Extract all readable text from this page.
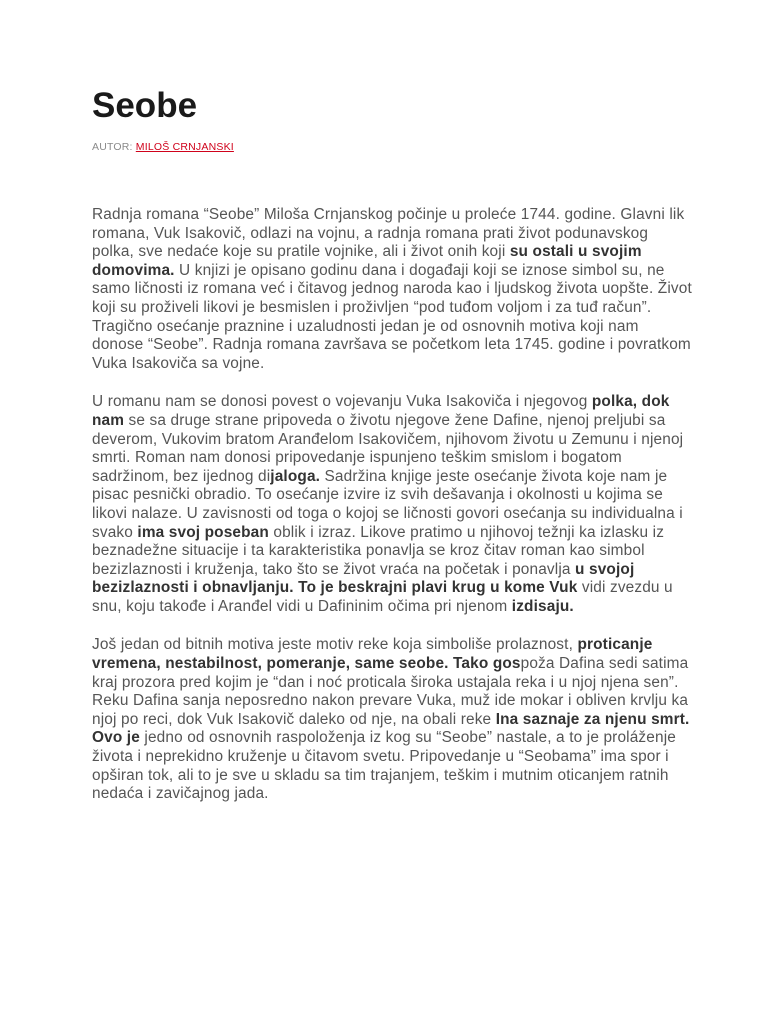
Seobe
AUTOR: MILOŠ CRNJANSKI

Radnja romana “Seobe” Miloša Crnjanskog počinje u proleće 1744. godine. Glavni lik romana, Vuk Isakovič, odlazi na vojnu, a radnja romana prati život podunavskog polka, sve nedaće koje su pratile vojnike, ali i život onih koji su ostali u svojim domovima. U knjizi je opisano godinu dana i događaji koji se iznose simbol su, ne samo ličnosti iz romana već i čitavog jednog naroda kao i ljudskog života uopšte. Život koji su proživeli likovi je besmislen i proživljen “pod tuđom voljom i za tuđ račun”. Tragično osećanje praznine i uzaludnosti jedan je od osnovnih motiva koji nam donose “Seobe”. Radnja romana završava se početkom leta 1745. godine i povratkom Vuka Isakoviča sa vojne.

U romanu nam se donosi povest o vojevanju Vuka Isakoviča i njegovog polka, dok nam se sa druge strane pripoveda o životu njegove žene Dafine, njenoj preljubi sa deverom, Vukovim bratom Aranđelom Isakovičem, njihovom životu u Zemunu i njenoj smrti. Roman nam donosi pripovedanje ispunjeno teškim smislom i bogatom sadržinom, bez ijednog dijaloga. Sadržina knjige jeste osećanje života koje nam je pisac pesnički obradio. To osećanje izvire iz svih dešavanja i okolnosti u kojima se likovi nalaze. U zavisnosti od toga o kojoj se ličnosti govori osećanja su individualna i svako ima svoj poseban oblik i izraz. Likove pratimo u njihovoj težnji ka izlasku iz beznadežne situacije i ta karakteristika ponavlja se kroz čitav roman kao simbol bezizlaznosti i kruženja, tako što se život vraća na početak i ponavlja u svojoj bezizlaznosti i obnavljanju. To je beskrajni plavi krug u kome Vuk vidi zvezdu u snu, koju takođe i Aranđel vidi u Dafininim očima pri njenom izdisaju.

Još jedan od bitnih motiva jeste motiv reke koja simboliše prolaznost, proticanje vremena, nestabilnost, pomeranje, same seobe. Tako gospoža Dafina sedi satima kraj prozora pred kojim je “dan i noć proticala široka ustajala reka i u njoj njena sen”. Reku Dafina sanja neposredno nakon prevare Vuka, muž ide mokar i obliven krvlju ka njoj po reci, dok Vuk Isakovič daleko od nje, na obali reke Ina saznaje za njenu smrt. Ovo je jedno od osnovnih raspoloženja iz kog su “Seobe” nastale, a to je proláženje života i neprekidno kruženje u čitavom svetu. Pripovedanje u “Seobama” ima spor i opširan tok, ali to je sve u skladu sa tim trajanjem, teškim i mutnim oticanjem ratnih nedaća i zavičajnog jada.
